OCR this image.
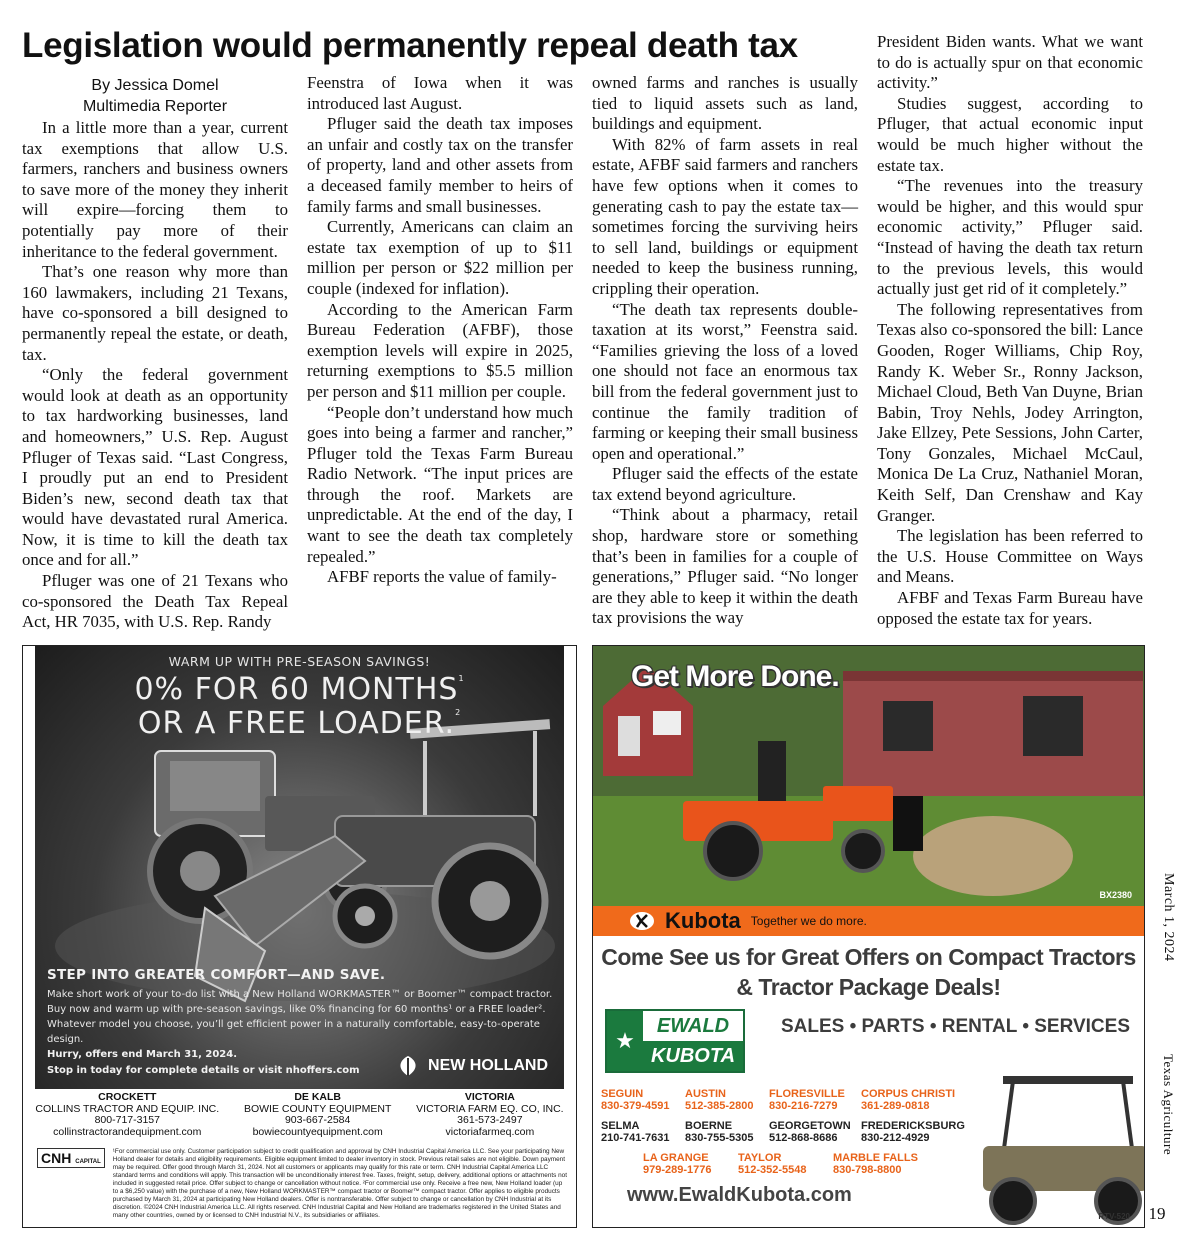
Legislation would permanently repeal death tax
By Jessica Domel
Multimedia Reporter

In a little more than a year, current tax exemptions that allow U.S. farmers, ranchers and business owners to save more of the money they inherit will expire—forcing them to potentially pay more of their inheritance to the federal government.

That’s one reason why more than 160 lawmakers, including 21 Texans, have co-sponsored a bill designed to permanently repeal the estate, or death, tax.

“Only the federal government would look at death as an opportunity to tax hardworking businesses, land and homeowners,” U.S. Rep. August Pfluger of Texas said. “Last Congress, I proudly put an end to President Biden’s new, second death tax that would have devastated rural America. Now, it is time to kill the death tax once and for all.”

Pfluger was one of 21 Texans who co-sponsored the Death Tax Repeal Act, HR 7035, with U.S. Rep. Randy

Feenstra of Iowa when it was introduced last August.

Pfluger said the death tax imposes an unfair and costly tax on the transfer of property, land and other assets from a deceased family member to heirs of family farms and small businesses.

Currently, Americans can claim an estate tax exemption of up to $11 million per person or $22 million per couple (indexed for inflation).

According to the American Farm Bureau Federation (AFBF), those exemption levels will expire in 2025, returning exemptions to $5.5 million per person and $11 million per couple.

“People don’t understand how much goes into being a farmer and rancher,” Pfluger told the Texas Farm Bureau Radio Network. “The input prices are through the roof. Markets are unpredictable. At the end of the day, I want to see the death tax completely repealed.”

AFBF reports the value of family-

owned farms and ranches is usually tied to liquid assets such as land, buildings and equipment.

With 82% of farm assets in real estate, AFBF said farmers and ranchers have few options when it comes to generating cash to pay the estate tax—sometimes forcing the surviving heirs to sell land, buildings or equipment needed to keep the business running, crippling their operation.

“The death tax represents double-taxation at its worst,” Feenstra said. “Families grieving the loss of a loved one should not face an enormous tax bill from the federal government just to continue the family tradition of farming or keeping their small business open and operational.”

Pfluger said the effects of the estate tax extend beyond agriculture.

“Think about a pharmacy, retail shop, hardware store or something that’s been in families for a couple of generations,” Pfluger said. “No longer are they able to keep it within the death tax provisions the way

President Biden wants. What we want to do is actually spur on that economic activity.”

Studies suggest, according to Pfluger, that actual economic input would be much higher without the estate tax.

“The revenues into the treasury would be higher, and this would spur economic activity,” Pfluger said. “Instead of having the death tax return to the previous levels, this would actually just get rid of it completely.”

The following representatives from Texas also co-sponsored the bill: Lance Gooden, Roger Williams, Chip Roy, Randy K. Weber Sr., Ronny Jackson, Michael Cloud, Beth Van Duyne, Brian Babin, Troy Nehls, Jodey Arrington, Jake Ellzey, Pete Sessions, John Carter, Tony Gonzales, Michael McCaul, Monica De La Cruz, Nathaniel Moran, Keith Self, Dan Crenshaw and Kay Granger.

The legislation has been referred to the U.S. House Committee on Ways and Means.

AFBF and Texas Farm Bureau have opposed the estate tax for years.

WARM UP WITH PRE-SEASON SAVINGS!
0% FOR 60 MONTHS$^1$
OR A FREE LOADER.$^2$
STEP INTO GREATER COMFORT—AND SAVE.

Make short work of your to-do list with a New Holland WORKMASTER™ or Boomer™ compact tractor. Buy now and warm up with pre-season savings, like 0% financing for 60 months¹ or a FREE loader². Whatever model you choose, you’ll get efficient power in a naturally comfortable, easy-to-operate design.

Hurry, offers end March 31, 2024.
Stop in today for complete details or visit nhoffers.com	NEW HOLLAND
CROCKETT
COLLINS TRACTOR AND EQUIP. INC.
800-717-3157
collinstractorandequipment.com
DE KALB
BOWIE COUNTY EQUIPMENT
903-667-2584
bowiecountyequipment.com
VICTORIA
VICTORIA FARM EQ. CO, INC.
361-573-2497
victoriafarmeq.com
CNH CAPITAL

¹For commercial use only. Customer participation subject to credit qualification and approval by CNH Industrial Capital America LLC. See your participating New Holland dealer for details and eligibility requirements. Eligible equipment limited to dealer inventory in stock. Previous retail sales are not eligible. Down payment may be required. Offer good through March 31, 2024. Not all customers or applicants may qualify for this rate or term. CNH Industrial Capital America LLC standard terms and conditions will apply. This transaction will be unconditionally interest free. Taxes, freight, setup, delivery, additional options or attachments not included in suggested retail price. Offer subject to change or cancellation without notice. ²For commercial use only. Receive a free new, New Holland loader (up to a $6,250 value) with the purchase of a new, New Holland WORKMASTER™ compact tractor or Boomer™ compact tractor. Offer applies to eligible products purchased by March 31, 2024 at participating New Holland dealers. Offer is nontransferable. Offer subject to change or cancellation by CNH Industrial at its discretion. ©2024 CNH Industrial America LLC. All rights reserved. CNH Industrial Capital and New Holland are trademarks registered in the United States and many other countries, owned by or licensed to CNH Industrial N.V., its subsidiaries or affiliates.

Get More Done.
BX2380
Kubota Together we do more.
Come See us for Great Offers on Compact Tractors
& Tractor Package Deals!
★
EWALD
KUBOTA
SALES • PARTS • RENTAL • SERVICES
SEGUIN
830-379-4591
AUSTIN
512-385-2800
FLORESVILLE
830-216-7279
CORPUS CHRISTI
361-289-0818
SELMA
210-741-7631
BOERNE
830-755-5305
GEORGETOWN
512-868-8686
FREDERICKSBURG
830-212-4929
LA GRANGE
979-289-1776
TAYLOR
512-352-5548
MARBLE FALLS
830-798-8800
www.EwaldKubota.com
RTV-520
March 1, 2024
Texas Agriculture
19
